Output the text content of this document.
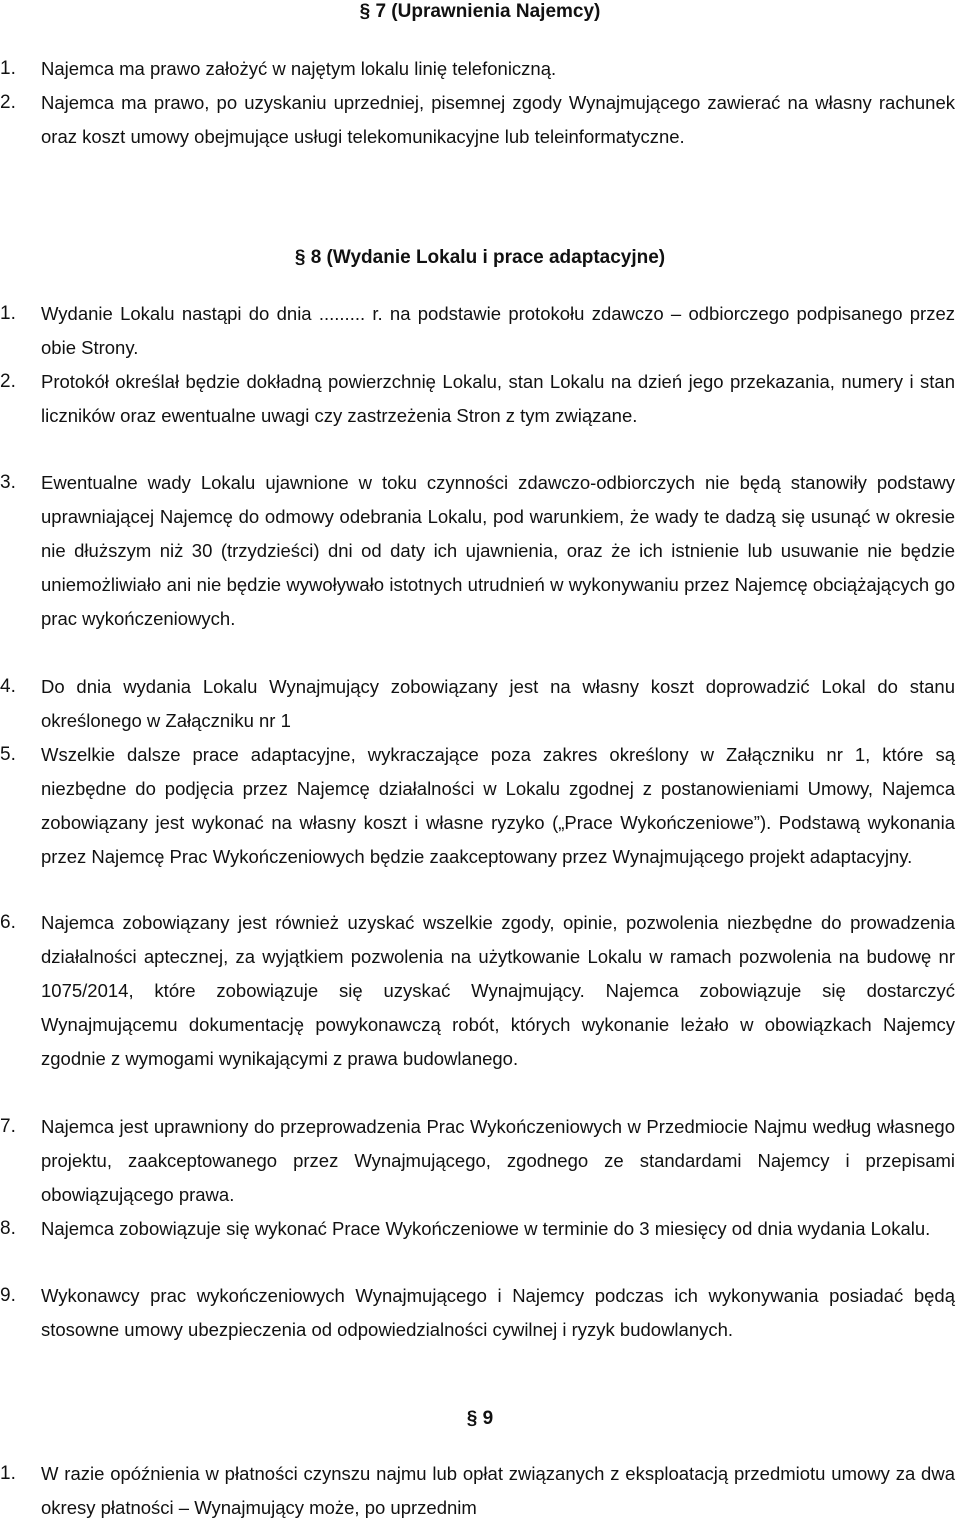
§ 7 (Uprawnienia Najemcy)
1.	Najemca ma prawo założyć w najętym lokalu linię telefoniczną.
2.	Najemca ma prawo, po uzyskaniu uprzedniej, pisemnej zgody Wynajmującego zawierać na własny rachunek oraz koszt umowy obejmujące usługi telekomunikacyjne lub teleinformatyczne.
§ 8 (Wydanie Lokalu i prace adaptacyjne)
1.	Wydanie Lokalu nastąpi do dnia ......... r. na podstawie protokołu zdawczo – odbiorczego podpisanego przez obie Strony.
2.	Protokół określał będzie dokładną powierzchnię Lokalu, stan Lokalu na dzień jego przekazania, numery i stan liczników oraz ewentualne uwagi czy zastrzeżenia Stron z tym związane.
3.	Ewentualne wady Lokalu ujawnione w toku czynności zdawczo-odbiorczych nie będą stanowiły podstawy uprawniającej Najemcę do odmowy odebrania Lokalu, pod warunkiem, że wady te dadzą się usunąć w okresie nie dłuższym niż 30 (trzydzieści) dni od daty ich ujawnienia, oraz że ich istnienie lub usuwanie nie będzie uniemożliwiało ani nie będzie wywoływało istotnych utrudnień w wykonywaniu przez Najemcę obciążających go prac wykończeniowych.
4.	Do dnia wydania Lokalu Wynajmujący zobowiązany jest na własny koszt doprowadzić Lokal do stanu określonego w Załączniku nr 1
5.	Wszelkie dalsze prace adaptacyjne, wykraczające poza zakres określony w Załączniku nr 1, które są niezbędne do podjęcia przez Najemcę działalności w Lokalu zgodnej z postanowieniami Umowy, Najemca zobowiązany jest wykonać na własny koszt i własne ryzyko („Prace Wykończeniowe”). Podstawą wykonania przez Najemcę Prac Wykończeniowych będzie zaakceptowany przez Wynajmującego projekt adaptacyjny.
6.	Najemca zobowiązany jest również uzyskać wszelkie zgody, opinie, pozwolenia niezbędne do prowadzenia działalności aptecznej, za wyjątkiem pozwolenia na użytkowanie Lokalu w ramach pozwolenia na budowę nr 1075/2014, które zobowiązuje się uzyskać Wynajmujący. Najemca zobowiązuje się dostarczyć Wynajmującemu dokumentację powykonawczą robót, których wykonanie leżało w obowiązkach Najemcy zgodnie z wymogami wynikającymi z prawa budowlanego.
7.	Najemca jest uprawniony do przeprowadzenia Prac Wykończeniowych w Przedmiocie Najmu według własnego projektu, zaakceptowanego przez Wynajmującego, zgodnego ze standardami Najemcy i przepisami obowiązującego prawa.
8.	Najemca zobowiązuje się wykonać Prace Wykończeniowe w terminie do 3 miesięcy od dnia wydania Lokalu.
9.	Wykonawcy prac wykończeniowych Wynajmującego i Najemcy podczas ich wykonywania posiadać będą stosowne umowy ubezpieczenia od odpowiedzialności cywilnej i ryzyk budowlanych.
§ 9
1.	W razie opóźnienia w płatności czynszu najmu lub opłat związanych z eksploatacją przedmiotu umowy za dwa okresy płatności – Wynajmujący może, po uprzednim
